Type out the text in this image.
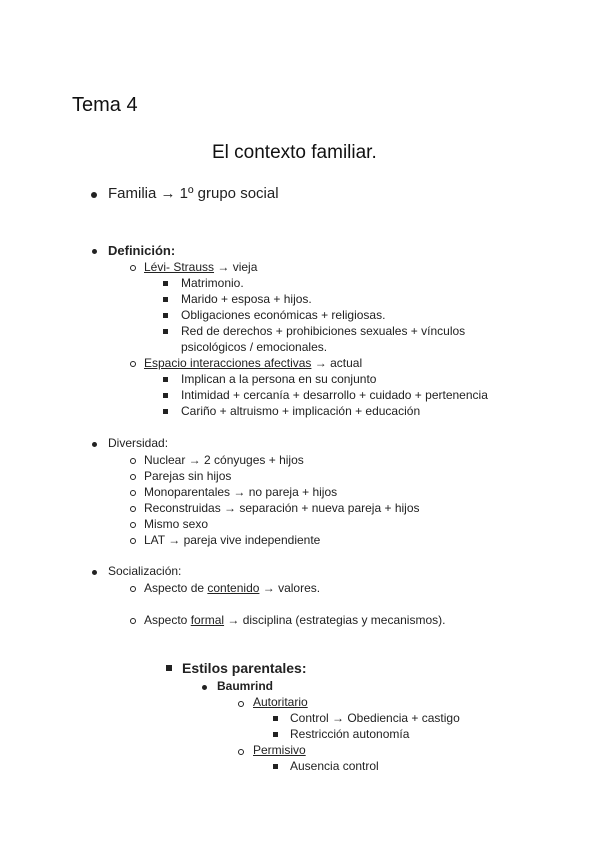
Tema 4
El contexto familiar.
Familia → 1º grupo social
Definición:
Lévi- Strauss → vieja
Matrimonio.
Marido + esposa + hijos.
Obligaciones económicas + religiosas.
Red de derechos + prohibiciones sexuales + vínculos
psicológicos / emocionales.
Espacio interacciones afectivas → actual
Implican a la persona en su conjunto
Intimidad + cercanía + desarrollo + cuidado + pertenencia
Cariño + altruismo + implicación + educación
Diversidad:
Nuclear → 2 cónyuges + hijos
Parejas sin hijos
Monoparentales → no pareja + hijos
Reconstruidas → separación + nueva pareja + hijos
Mismo sexo
LAT → pareja vive independiente
Socialización:
Aspecto de contenido → valores.
Aspecto formal → disciplina (estrategias y mecanismos).
Estilos parentales:
Baumrind
Autoritario
Control → Obediencia + castigo
Restricción autonomía
Permisivo
Ausencia control
